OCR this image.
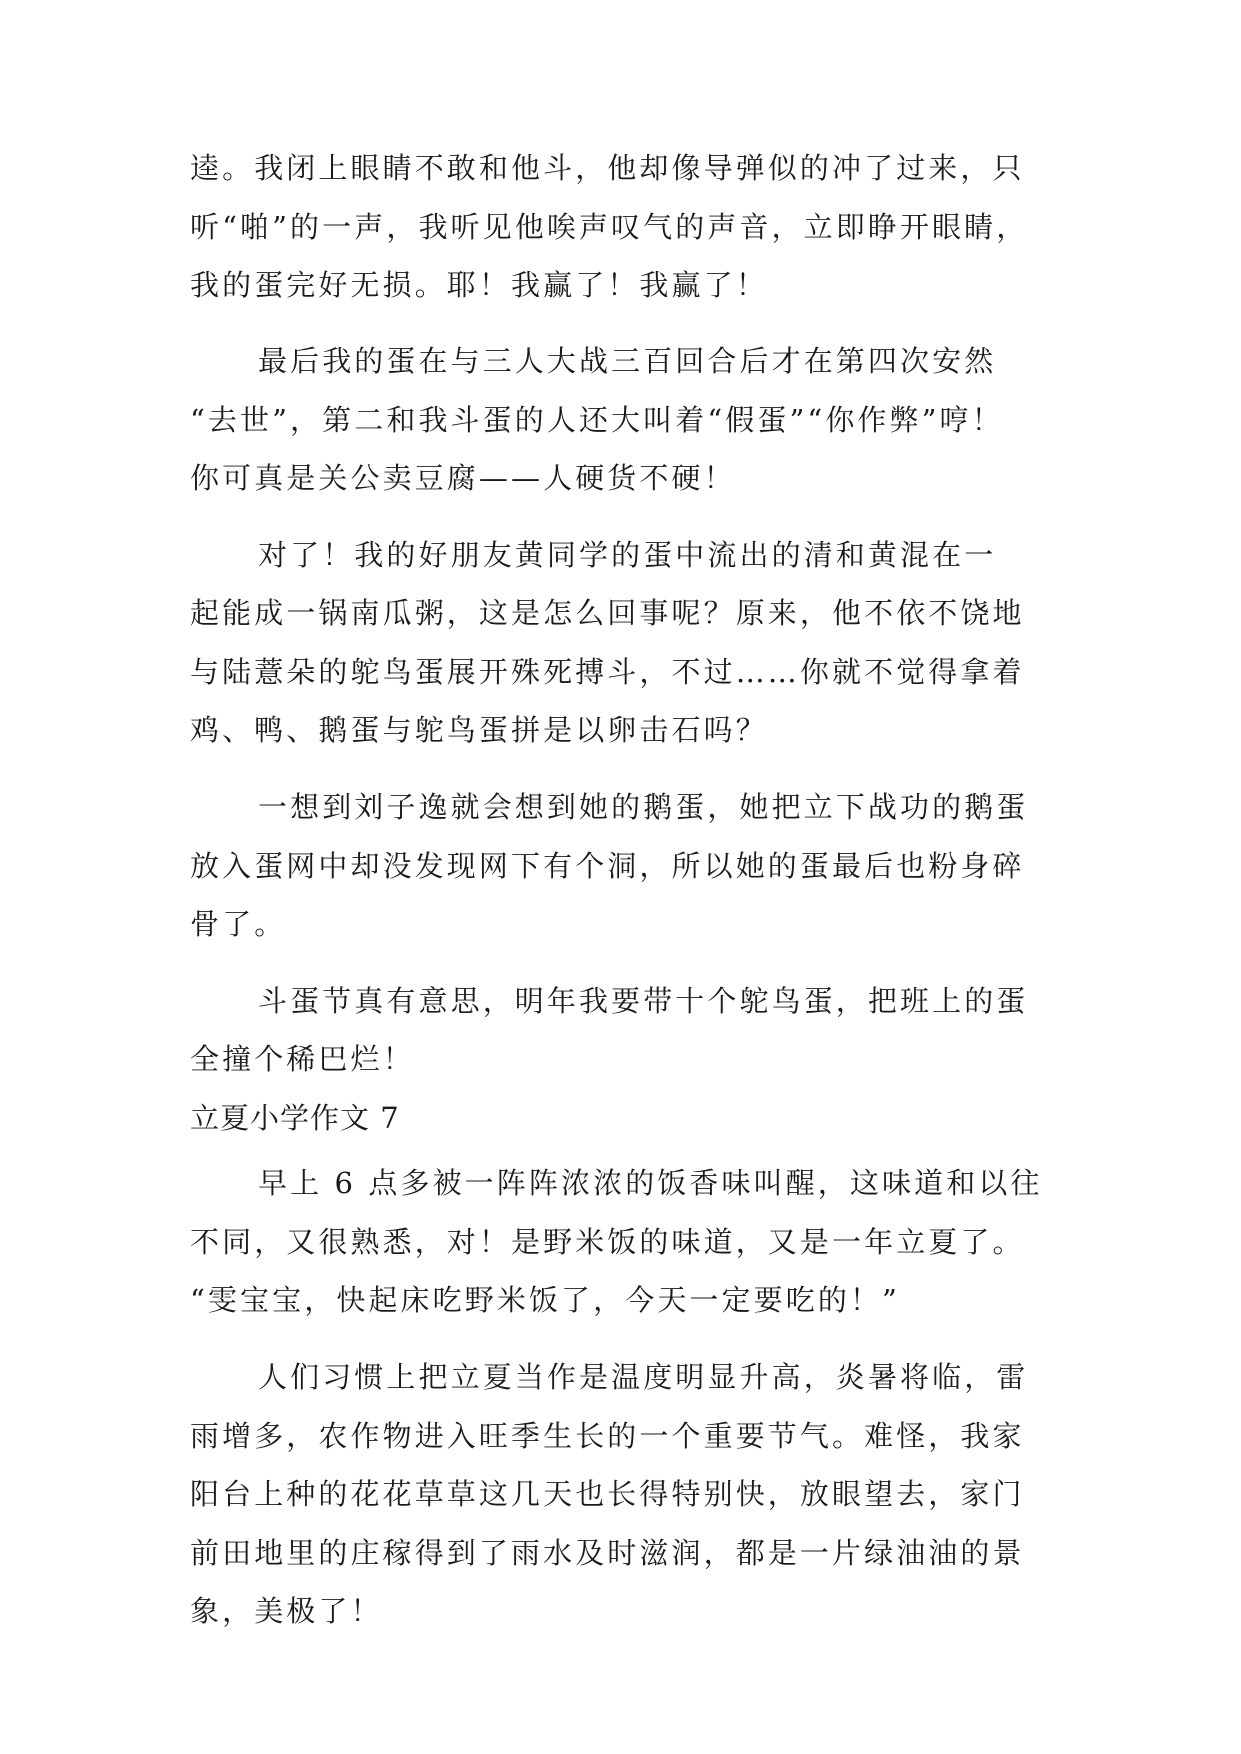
逵。我闭上眼睛不敢和他斗，他却像导弹似的冲了过来，只
听“啪”的一声，我听见他唉声叹气的声音，立即睁开眼睛，
我的蛋完好无损。耶！我赢了！我赢了！
最后我的蛋在与三人大战三百回合后才在第四次安然
“去世”，第二和我斗蛋的人还大叫着“假蛋”“你作弊”哼！
你可真是关公卖豆腐——人硬货不硬！
对了！我的好朋友黄同学的蛋中流出的清和黄混在一
起能成一锅南瓜粥，这是怎么回事呢？原来，他不依不饶地
与陆薏朵的鸵鸟蛋展开殊死搏斗，不过……你就不觉得拿着
鸡、鸭、鹅蛋与鸵鸟蛋拼是以卵击石吗？
一想到刘子逸就会想到她的鹅蛋，她把立下战功的鹅蛋
放入蛋网中却没发现网下有个洞，所以她的蛋最后也粉身碎
骨了。
斗蛋节真有意思，明年我要带十个鸵鸟蛋，把班上的蛋
全撞个稀巴烂！
立夏小学作文 7
早上 6 点多被一阵阵浓浓的饭香味叫醒，这味道和以往
不同，又很熟悉，对！是野米饭的味道，又是一年立夏了。
“雯宝宝，快起床吃野米饭了，今天一定要吃的！”
人们习惯上把立夏当作是温度明显升高，炎暑将临，雷
雨增多，农作物进入旺季生长的一个重要节气。难怪，我家
阳台上种的花花草草这几天也长得特别快，放眼望去，家门
前田地里的庄稼得到了雨水及时滋润，都是一片绿油油的景
象，美极了！
